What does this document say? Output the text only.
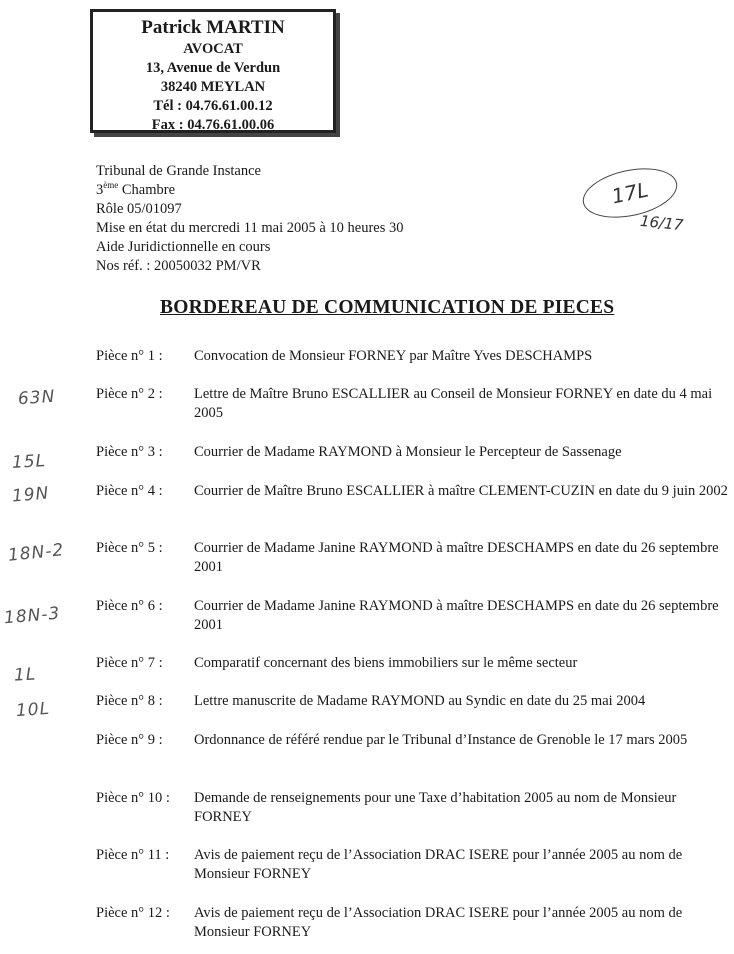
Patrick MARTIN
AVOCAT
13, Avenue de Verdun
38240 MEYLAN
Tél : 04.76.61.00.12
Fax : 04.76.61.00.06
Tribunal de Grande Instance
3ème Chambre
Rôle 05/01097
Mise en état du mercredi 11 mai 2005 à 10 heures 30
Aide Juridictionnelle en cours
Nos réf. : 20050032 PM/VR
17L
16/17
BORDEREAU DE COMMUNICATION DE PIECES
Pièce n° 1 :	Convocation de Monsieur FORNEY par Maître Yves DESCHAMPS
Pièce n° 2 :	Lettre de Maître Bruno ESCALLIER au Conseil de Monsieur FORNEY en date du 4 mai 2005
Pièce n° 3 :	Courrier de Madame RAYMOND à Monsieur le Percepteur de Sassenage
Pièce n° 4 :	Courrier de Maître Bruno ESCALLIER à maître CLEMENT-CUZIN en date du 9 juin 2002
Pièce n° 5 :	Courrier de Madame Janine RAYMOND à maître DESCHAMPS en date du 26 septembre 2001
Pièce n° 6 :	Courrier de Madame Janine RAYMOND à maître DESCHAMPS en date du 26 septembre 2001
Pièce n° 7 :	Comparatif concernant des biens immobiliers sur le même secteur
Pièce n° 8 :	Lettre manuscrite de Madame RAYMOND au Syndic en date du 25 mai 2004
Pièce n° 9 :	Ordonnance de référé rendue par le Tribunal d’Instance de Grenoble le 17 mars 2005
Pièce n° 10 :	Demande de renseignements pour une Taxe d’habitation 2005 au nom de Monsieur FORNEY
Pièce n° 11 :	Avis de paiement reçu de l’Association DRAC ISERE pour l’année 2005 au nom de Monsieur FORNEY
Pièce n° 12 :	Avis de paiement reçu de l’Association DRAC ISERE pour l’année 2005 au nom de Monsieur FORNEY
63N
15L
19N
18N-2
18N-3
1L
10L
